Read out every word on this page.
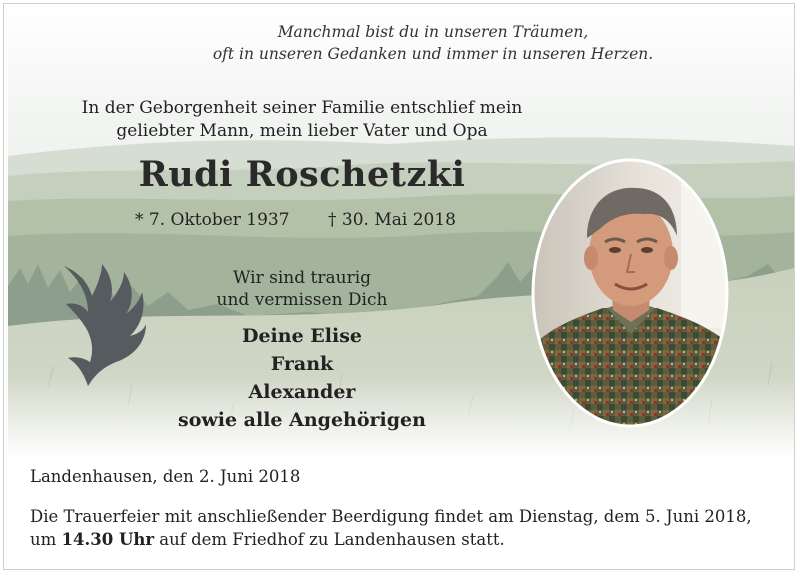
Manchmal bist du in unseren Träumen,

oft in unseren Gedanken und immer in unseren Herzen.

In der Geborgenheit seiner Familie entschlief mein

geliebter Mann, mein lieber Vater und Opa

Rudi Roschetzki

* 7. Oktober 1937 † 30. Mai 2018

Wir sind traurig

und vermissen Dich

Deine Elise

Frank

Alexander

sowie alle Angehörigen

Landenhausen, den 2. Juni 2018

Die Trauerfeier mit anschließender Beerdigung findet am Dienstag, dem 5. Juni 2018,

um 14.30 Uhr auf dem Friedhof zu Landenhausen statt.
